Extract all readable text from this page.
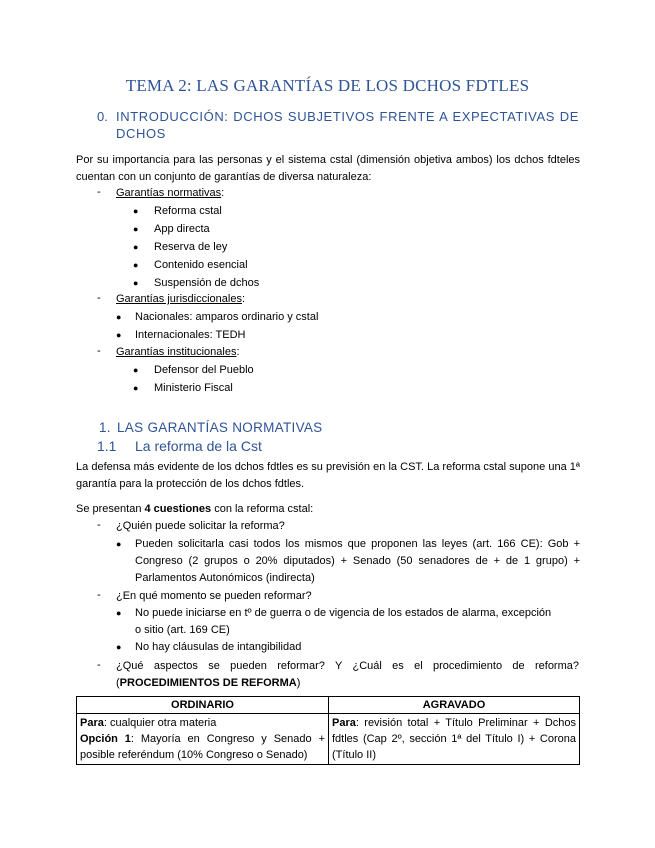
TEMA 2: LAS GARANTÍAS DE LOS DCHOS FDTLES
0. INTRODUCCIÓN: DCHOS SUBJETIVOS FRENTE A EXPECTATIVAS DE DCHOS
Por su importancia para las personas y el sistema cstal (dimensión objetiva ambos) los dchos fdteles cuentan con un conjunto de garantías de diversa naturaleza:
- Garantías normativas:
● Reforma cstal
● App directa
● Reserva de ley
● Contenido esencial
● Suspensión de dchos
- Garantías jurisdiccionales:
● Nacionales: amparos ordinario y cstal
● Internacionales: TEDH
- Garantías institucionales:
● Defensor del Pueblo
● Ministerio Fiscal
1. LAS GARANTÍAS NORMATIVAS
1.1 La reforma de la Cst
La defensa más evidente de los dchos fdtles es su previsión en la CST. La reforma cstal supone una 1ª garantía para la protección de los dchos fdtles.
Se presentan 4 cuestiones con la reforma cstal:
- ¿Quién puede solicitar la reforma?
● Pueden solicitarla casi todos los mismos que proponen las leyes (art. 166 CE): Gob +
Congreso (2 grupos o 20% diputados) + Senado (50 senadores de + de 1 grupo) +
Parlamentos Autonómicos (indirecta)
- ¿En qué momento se pueden reformar?
● No puede iniciarse en tº de guerra o de vigencia de los estados de alarma, excepción
o sitio (art. 169 CE)
● No hay cláusulas de intangibilidad
- ¿Qué aspectos se pueden reformar? Y ¿Cuál es el procedimiento de reforma?
(PROCEDIMIENTOS DE REFORMA)
ORDINARIO	AGRAVADO

Para: cualquier otra materia
Opción 1: Mayoría en Congreso y Senado + posible referéndum (10% Congreso o Senado)	Para: revisión total + Título Preliminar + Dchos fdtles (Cap 2º, sección 1ª del Título I) + Corona (Título II)
